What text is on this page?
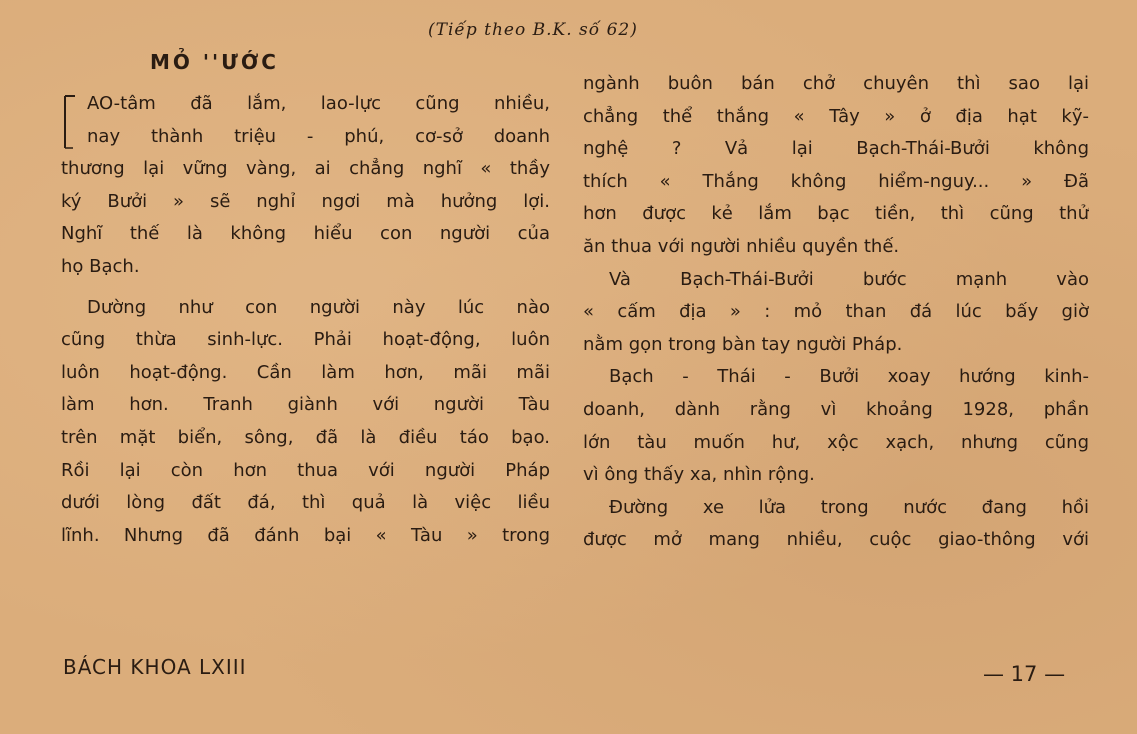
(Tiếp theo B.K. số 62)
MỎ ''ƯỚC
AO-tâm đã lắm, lao-lực cũng nhiều,
nay thành triệu - phú, cơ-sở doanh
thương lại vững vàng, ai chẳng nghĩ « thầy
ký Bưởi » sẽ nghỉ ngơi mà hưởng lợi.
Nghĩ thế là không hiểu con người của
họ Bạch.
Dường như con người này lúc nào
cũng thừa sinh-lực. Phải hoạt-động, luôn
luôn hoạt-động. Cần làm hơn, mãi mãi
làm hơn. Tranh giành với người Tàu
trên mặt biển, sông, đã là điều táo bạo.
Rồi lại còn hơn thua với người Pháp
dưới lòng đất đá, thì quả là việc liều
lĩnh. Nhưng đã đánh bại « Tàu » trong
ngành buôn bán chở chuyên thì sao lại
chẳng thể thắng « Tây » ở địa hạt kỹ-
nghệ ? Vả lại Bạch-Thái-Bưởi không
thích « Thắng không hiểm-nguy... » Đã
hơn được kẻ lắm bạc tiền, thì cũng thử
ăn thua với người nhiều quyền thế.
Và Bạch-Thái-Bưởi bước mạnh vào
« cấm địa » : mỏ than đá lúc bấy giờ
nằm gọn trong bàn tay người Pháp.
Bạch - Thái - Bưởi xoay hướng kinh-
doanh, dành rằng vì khoảng 1928, phần
lớn tàu muốn hư, xộc xạch, nhưng cũng
vì ông thấy xa, nhìn rộng.
Đường xe lửa trong nước đang hồi
được mở mang nhiều, cuộc giao-thông với
BÁCH KHOA LXIII	— 17 —
